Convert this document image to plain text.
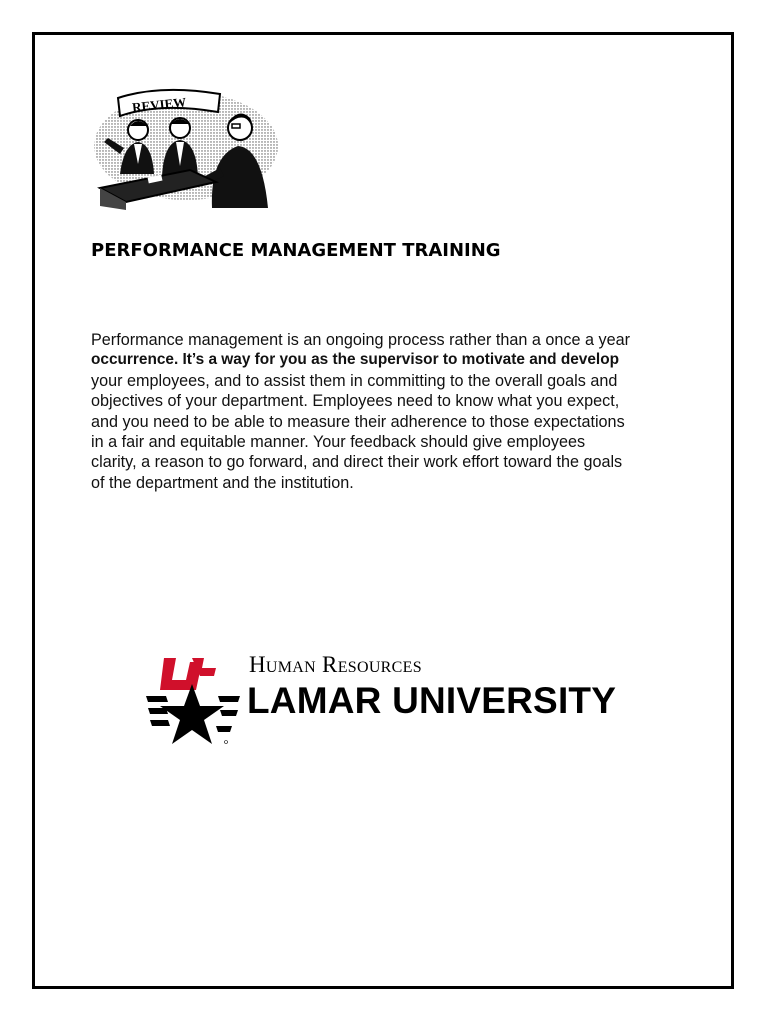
REVIEW
PERFORMANCE MANAGEMENT TRAINING

Performance management is an ongoing process rather than a once a year
occurrence. It’s a way for you as the supervisor to motivate and develop
your employees, and to assist them in committing to the overall goals and
objectives of your department. Employees need to know what you expect,
and you need to be able to measure their adherence to those expectations
in a fair and equitable manner. Your feedback should give employees
clarity, a reason to go forward, and direct their work effort toward the goals
of the department and the institution.

Human Resources
LAMAR UNIVERSITY
